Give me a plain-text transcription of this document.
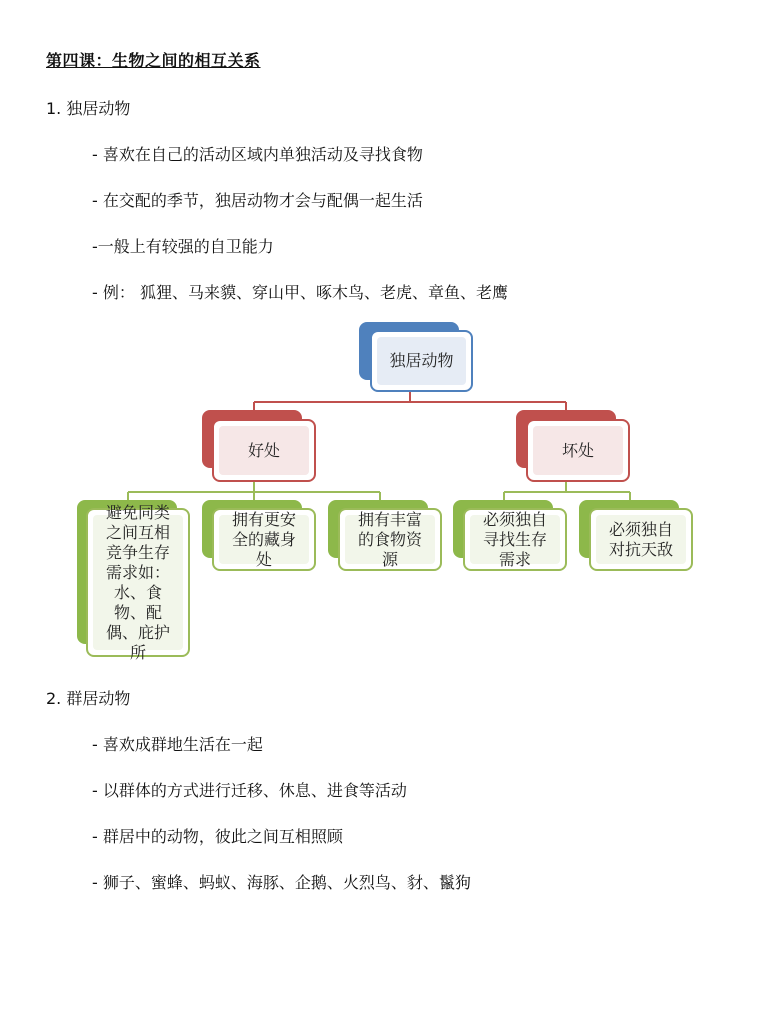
第四课：生物之间的相互关系
1. 独居动物
- 喜欢在自己的活动区域内单独活动及寻找食物
- 在交配的季节，独居动物才会与配偶一起生活
-一般上有较强的自卫能力
- 例： 狐狸、马来貘、穿山甲、啄木鸟、老虎、章鱼、老鹰
独居动物
好处	坏处
避免同类之间互相竞争生存需求如：水、食物、配偶、庇护所
拥有更安全的藏身处
拥有丰富的食物资源
必须独自寻找生存需求
必须独自对抗天敌
2. 群居动物
- 喜欢成群地生活在一起
- 以群体的方式进行迁移、休息、进食等活动
- 群居中的动物，彼此之间互相照顾
- 狮子、蜜蜂、蚂蚁、海豚、企鹅、火烈鸟、豺、鬣狗
